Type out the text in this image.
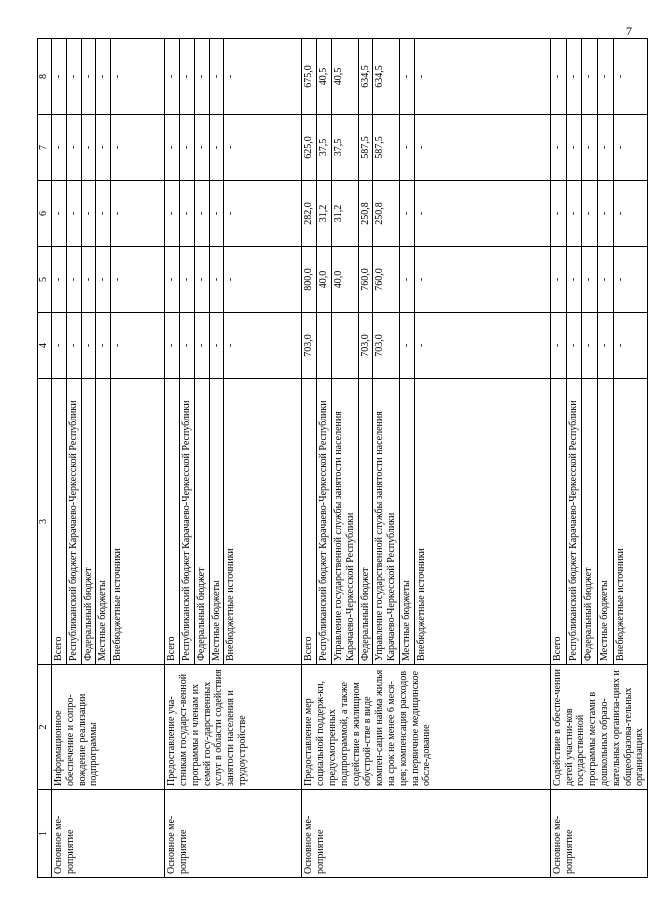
7
1	2	3	4	5	6	7	8
Основное ме-роприятие	Информационное обеспечение и сопро-вождение реализации подпрограммы	Всего	-	-	-	-	-
		Республиканский бюджет Карачаево-Черкесской Республики	-	-	-	-	-
		Федеральный бюджет	-	-	-	-	-
		Местные бюджеты	-	-	-	-	-
		Внебюджетные источники	-	-	-	-	-
Основное ме-роприятие	Предоставление уча-стникам государст-венной программы и членам их семей госу-дарственных услуг в области содействия занятости населения и трудоустройстве	Всего	-	-	-	-	-
		Республиканский бюджет Карачаево-Черкесской Республики	-	-	-	-	-
		Федеральный бюджет	-	-	-	-	-
		Местные бюджеты	-	-	-	-	-
		Внебюджетные источники	-	-	-	-	-
Основное ме-роприятие	Предоставление мер социальной поддерж-ки, предусмотренных подпрограммой, а также содействие в жилищном обустрой-стве в виде компен-сации найма жилья на срок не менее 6 меся-цев; компенсация расходов на первичное медицинское обсле-дование	Всего	703,0	800,0	282,0	625,0	675,0
		Республиканский бюджет Карачаево-Черкесской Республики		40,0	31,2	37,5	40,5
		Управление государственной службы занятости населения Карачаево-Черкесской Республики		40,0	31,2	37,5	40,5
		Федеральный бюджет	703,0	760,0	250,8	587,5	634,5
		Управление государственной службы занятости населения Карачаево-Черкесской Республики	703,0	760,0	250,8	587,5	634,5
		Местные бюджеты	-	-	-	-	-
		Внебюджетные источники	-	-	-	-	-
Основное ме-роприятие	Содействие в обеспе-чении детей участни-ков государственной программы местами в дошкольных образо-вательных организа-циях и общеобразова-тельных организациях	Всего	-	-	-	-	-
		Республиканский бюджет Карачаево-Черкесской Республики	-	-	-	-	-
		Федеральный бюджет	-	-	-	-	-
		Местные бюджеты	-	-	-	-	-
		Внебюджетные источники	-	-	-	-	-
